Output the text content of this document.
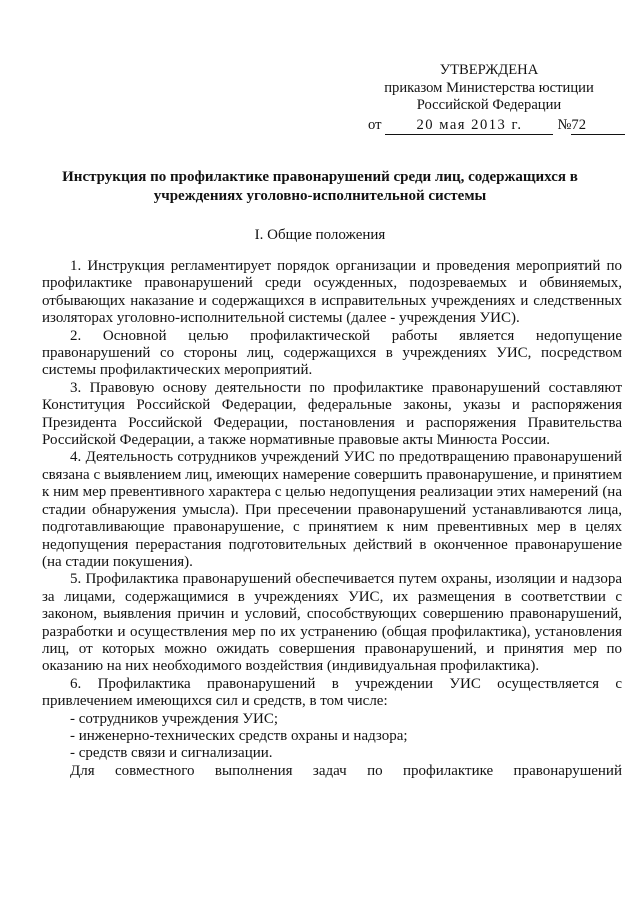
УТВЕРЖДЕНА
приказом Министерства юстиции
Российской Федерации
от 20 мая 2013 г. №72
Инструкция по профилактике правонарушений среди лиц, содержащихся в учреждениях уголовно-исполнительной системы
I. Общие положения

1. Инструкция регламентирует порядок организации и проведения мероприятий по профилактике правонарушений среди осужденных, подозреваемых и обвиняемых, отбывающих наказание и содержащихся в исправительных учреждениях и следственных изоляторах уголовно-исполнительной системы (далее - учреждения УИС).

2. Основной целью профилактической работы является недопущение правонарушений со стороны лиц, содержащихся в учреждениях УИС, посредством системы профилактических мероприятий.

3. Правовую основу деятельности по профилактике правонарушений составляют Конституция Российской Федерации, федеральные законы, указы и распоряжения Президента Российской Федерации, постановления и распоряжения Правительства Российской Федерации, а также нормативные правовые акты Минюста России.

4. Деятельность сотрудников учреждений УИС по предотвращению правонарушений связана с выявлением лиц, имеющих намерение совершить правонарушение, и принятием к ним мер превентивного характера с целью недопущения реализации этих намерений (на стадии обнаружения умысла). При пресечении правонарушений устанавливаются лица, подготавливающие правонарушение, с принятием к ним превентивных мер в целях недопущения перерастания подготовительных действий в оконченное правонарушение (на стадии покушения).

5. Профилактика правонарушений обеспечивается путем охраны, изоляции и надзора за лицами, содержащимися в учреждениях УИС, их размещения в соответствии с законом, выявления причин и условий, способствующих совершению правонарушений, разработки и осуществления мер по их устранению (общая профилактика), установления лиц, от которых можно ожидать совершения правонарушений, и принятия мер по оказанию на них необходимого воздействия (индивидуальная профилактика).

6. Профилактика правонарушений в учреждении УИС осуществляется с привлечением имеющихся сил и средств, в том числе:

- сотрудников учреждения УИС;

- инженерно-технических средств охраны и надзора;

- средств связи и сигнализации.

Для совместного выполнения задач по профилактике правонарушений
